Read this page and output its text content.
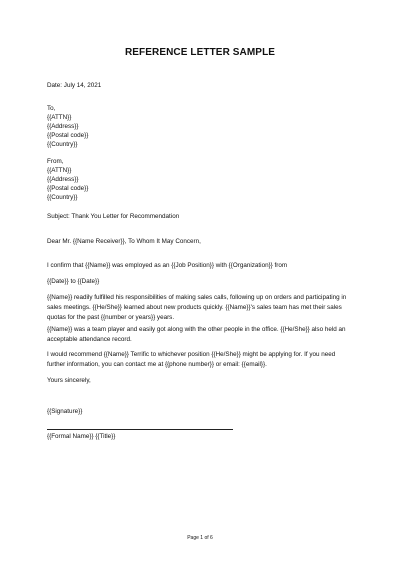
REFERENCE LETTER SAMPLE
Date: July 14, 2021
To,
{{ATTN}}
{{Address}}
{{Postal code}}
{{Country}}
From,
{{ATTN}}
{{Address}}
{{Postal code}}
{{Country}}
Subject: Thank You Letter for Recommendation
Dear Mr. {{Name Receiver}}, To Whom It May Concern,
I confirm that {{Name}} was employed as an {{Job Position}} with {{Organization}} from
{{Date}} to {{Date}}
{{Name}} readily fulfilled his responsibilities of making sales calls, following up on orders and participating in sales meetings. {{He/She}} learned about new products quickly. {{Name}}'s sales team has met their sales quotas for the past {{number or years}} years.
{{Name}} was a team player and easily got along with the other people in the office. {{He/She}} also held an acceptable attendance record.
I would recommend {{Name}} Terrific to whichever position {{He/She}} might be applying for. If you need further information, you can contact me at {{phone number}} or email: {{email}}.
Yours sincerely,
{{Signature}}
{{Formal Name}} {{Title}}
Page 1 of 6
